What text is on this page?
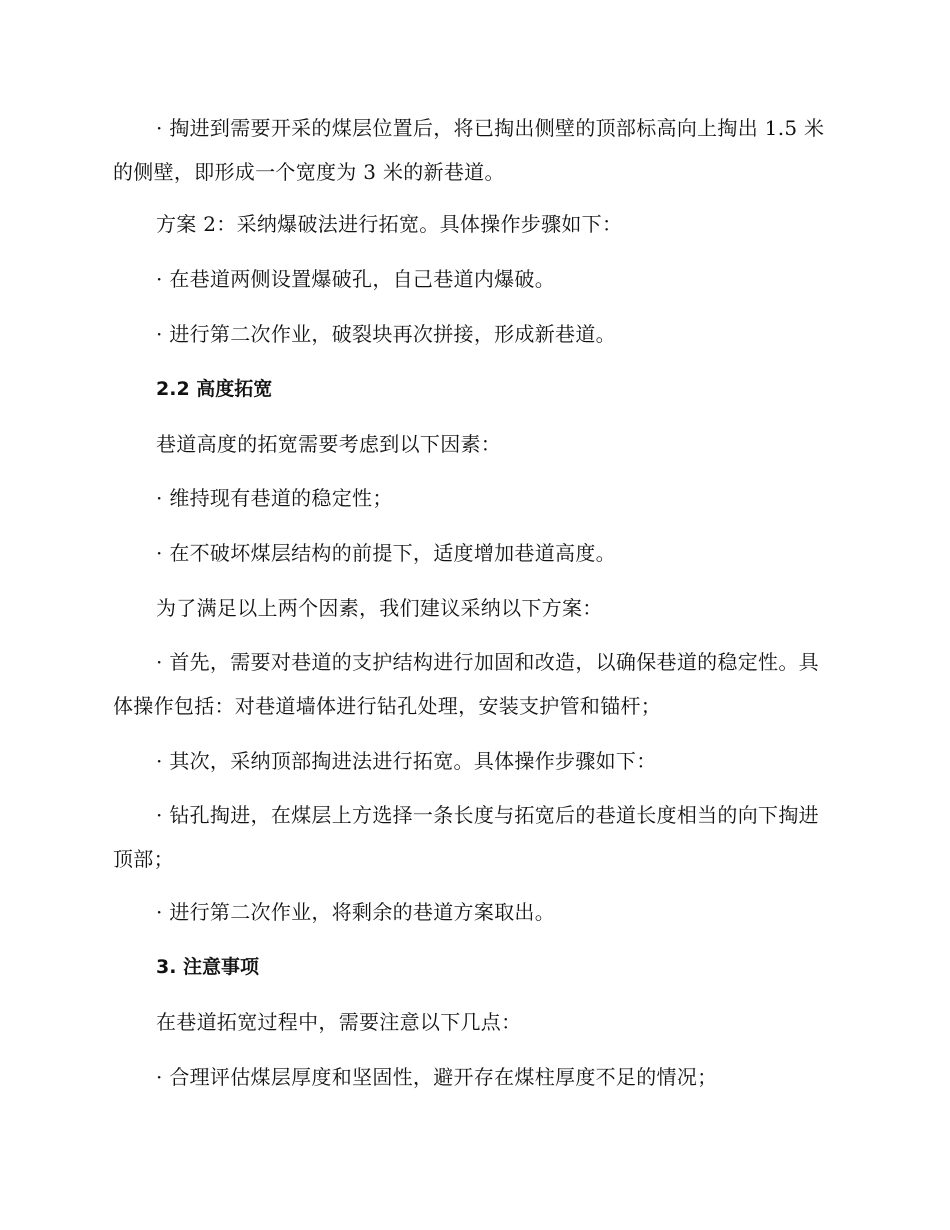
· 掏进到需要开采的煤层位置后，将已掏出侧壁的顶部标高向上掏出 1.5 米的侧壁，即形成一个宽度为 3 米的新巷道。

方案 2：采纳爆破法进行拓宽。具体操作步骤如下：

· 在巷道两侧设置爆破孔，自己巷道内爆破。

· 进行第二次作业，破裂块再次拼接，形成新巷道。

2.2 高度拓宽

巷道高度的拓宽需要考虑到以下因素：

· 维持现有巷道的稳定性；

· 在不破坏煤层结构的前提下，适度增加巷道高度。

为了满足以上两个因素，我们建议采纳以下方案：

· 首先，需要对巷道的支护结构进行加固和改造，以确保巷道的稳定性。具体操作包括：对巷道墙体进行钻孔处理，安装支护管和锚杆；

· 其次，采纳顶部掏进法进行拓宽。具体操作步骤如下：

· 钻孔掏进，在煤层上方选择一条长度与拓宽后的巷道长度相当的向下掏进顶部；

· 进行第二次作业，将剩余的巷道方案取出。

3. 注意事项

在巷道拓宽过程中，需要注意以下几点：

· 合理评估煤层厚度和坚固性，避开存在煤柱厚度不足的情况；
